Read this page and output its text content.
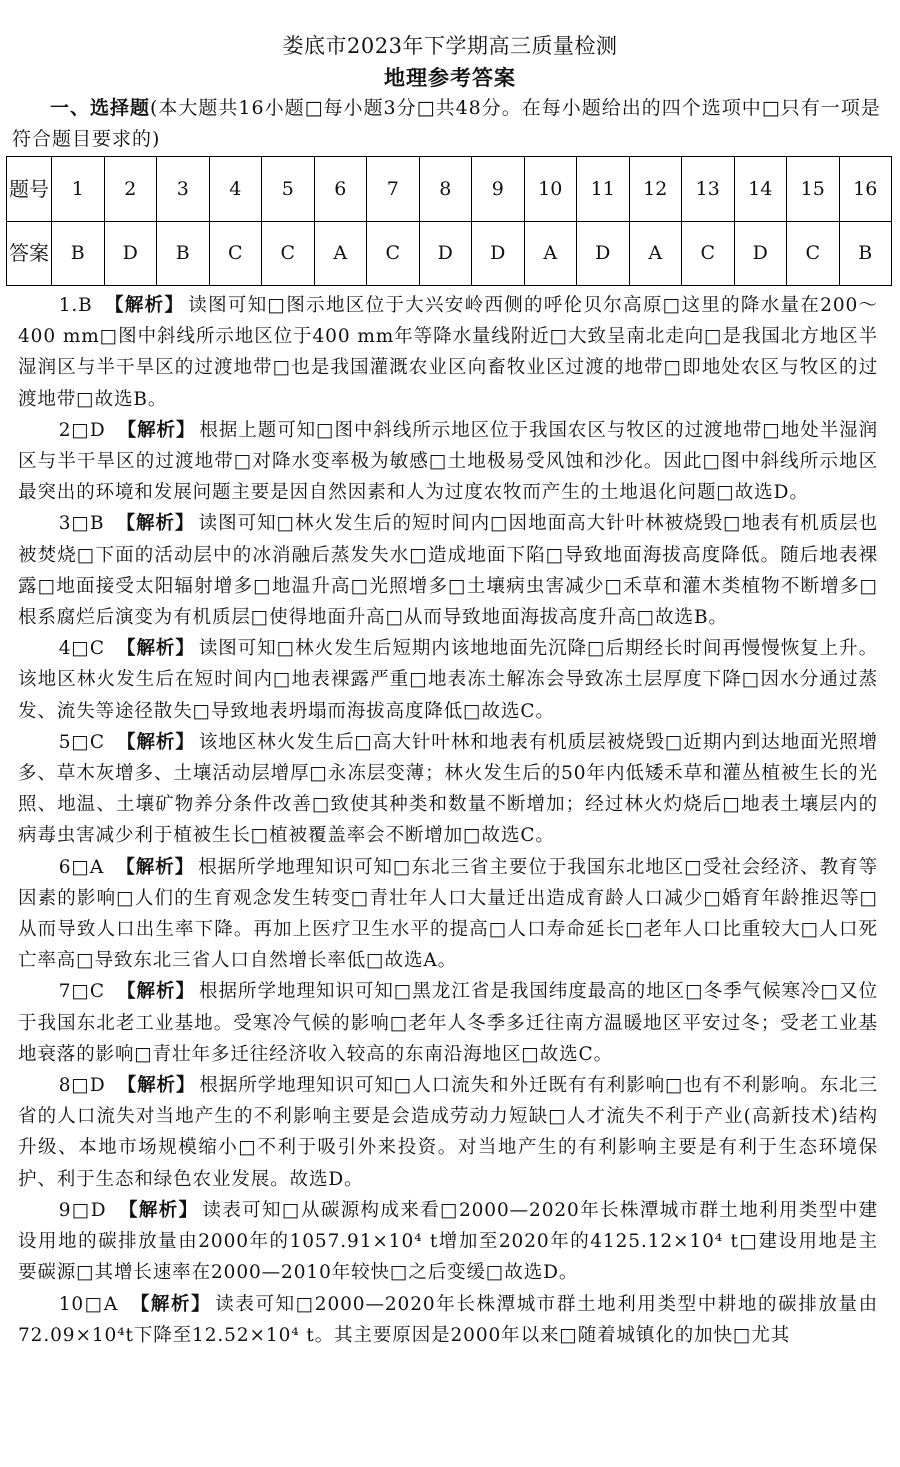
娄底市2023年下学期高三质量检测
地理参考答案
一、选择题(本大题共16小题□每小题3分□共48分。在每小题给出的四个选项中□只有一项是符合题目要求的)
题号	1	2	3	4	5	6	7	8	9	10	11	12	13	14	15	16
答案	B	D	B	C	C	A	C	D	D	A	D	A	C	D	C	B

1.B 【解析】 读图可知□图示地区位于大兴安岭西侧的呼伦贝尔高原□这里的降水量在200～400 mm□图中斜线所示地区位于400 mm年等降水量线附近□大致呈南北走向□是我国北方地区半湿润区与半干旱区的过渡地带□也是我国灌溉农业区向畜牧业区过渡的地带□即地处农区与牧区的过渡地带□故选B。

2□D 【解析】 根据上题可知□图中斜线所示地区位于我国农区与牧区的过渡地带□地处半湿润区与半干旱区的过渡地带□对降水变率极为敏感□土地极易受风蚀和沙化。因此□图中斜线所示地区最突出的环境和发展问题主要是因自然因素和人为过度农牧而产生的土地退化问题□故选D。

3□B 【解析】 读图可知□林火发生后的短时间内□因地面高大针叶林被烧毁□地表有机质层也被焚烧□下面的活动层中的冰消融后蒸发失水□造成地面下陷□导致地面海拔高度降低。随后地表裸露□地面接受太阳辐射增多□地温升高□光照增多□土壤病虫害减少□禾草和灌木类植物不断增多□根系腐烂后演变为有机质层□使得地面升高□从而导致地面海拔高度升高□故选B。

4□C 【解析】 读图可知□林火发生后短期内该地地面先沉降□后期经长时间再慢慢恢复上升。该地区林火发生后在短时间内□地表裸露严重□地表冻土解冻会导致冻土层厚度下降□因水分通过蒸发、流失等途径散失□导致地表坍塌而海拔高度降低□故选C。

5□C 【解析】 该地区林火发生后□高大针叶林和地表有机质层被烧毁□近期内到达地面光照增多、草木灰增多、土壤活动层增厚□永冻层变薄；林火发生后的50年内低矮禾草和灌丛植被生长的光照、地温、土壤矿物养分条件改善□致使其种类和数量不断增加；经过林火灼烧后□地表土壤层内的病毒虫害减少利于植被生长□植被覆盖率会不断增加□故选C。

6□A 【解析】 根据所学地理知识可知□东北三省主要位于我国东北地区□受社会经济、教育等因素的影响□人们的生育观念发生转变□青壮年人口大量迁出造成育龄人口减少□婚育年龄推迟等□从而导致人口出生率下降。再加上医疗卫生水平的提高□人口寿命延长□老年人口比重较大□人口死亡率高□导致东北三省人口自然增长率低□故选A。

7□C 【解析】 根据所学地理知识可知□黑龙江省是我国纬度最高的地区□冬季气候寒冷□又位于我国东北老工业基地。受寒冷气候的影响□老年人冬季多迁往南方温暖地区平安过冬；受老工业基地衰落的影响□青壮年多迁往经济收入较高的东南沿海地区□故选C。

8□D 【解析】 根据所学地理知识可知□人口流失和外迁既有有利影响□也有不利影响。东北三省的人口流失对当地产生的不利影响主要是会造成劳动力短缺□人才流失不利于产业(高新技术)结构升级、本地市场规模缩小□不利于吸引外来投资。对当地产生的有利影响主要是有利于生态环境保护、利于生态和绿色农业发展。故选D。

9□D 【解析】 读表可知□从碳源构成来看□2000—2020年长株潭城市群土地利用类型中建设用地的碳排放量由2000年的1057.91×10⁴ t增加至2020年的4125.12×10⁴ t□建设用地是主要碳源□其增长速率在2000—2010年较快□之后变缓□故选D。

10□A 【解析】 读表可知□2000—2020年长株潭城市群土地利用类型中耕地的碳排放量由72.09×10⁴t下降至12.52×10⁴ t。其主要原因是2000年以来□随着城镇化的加快□尤其
